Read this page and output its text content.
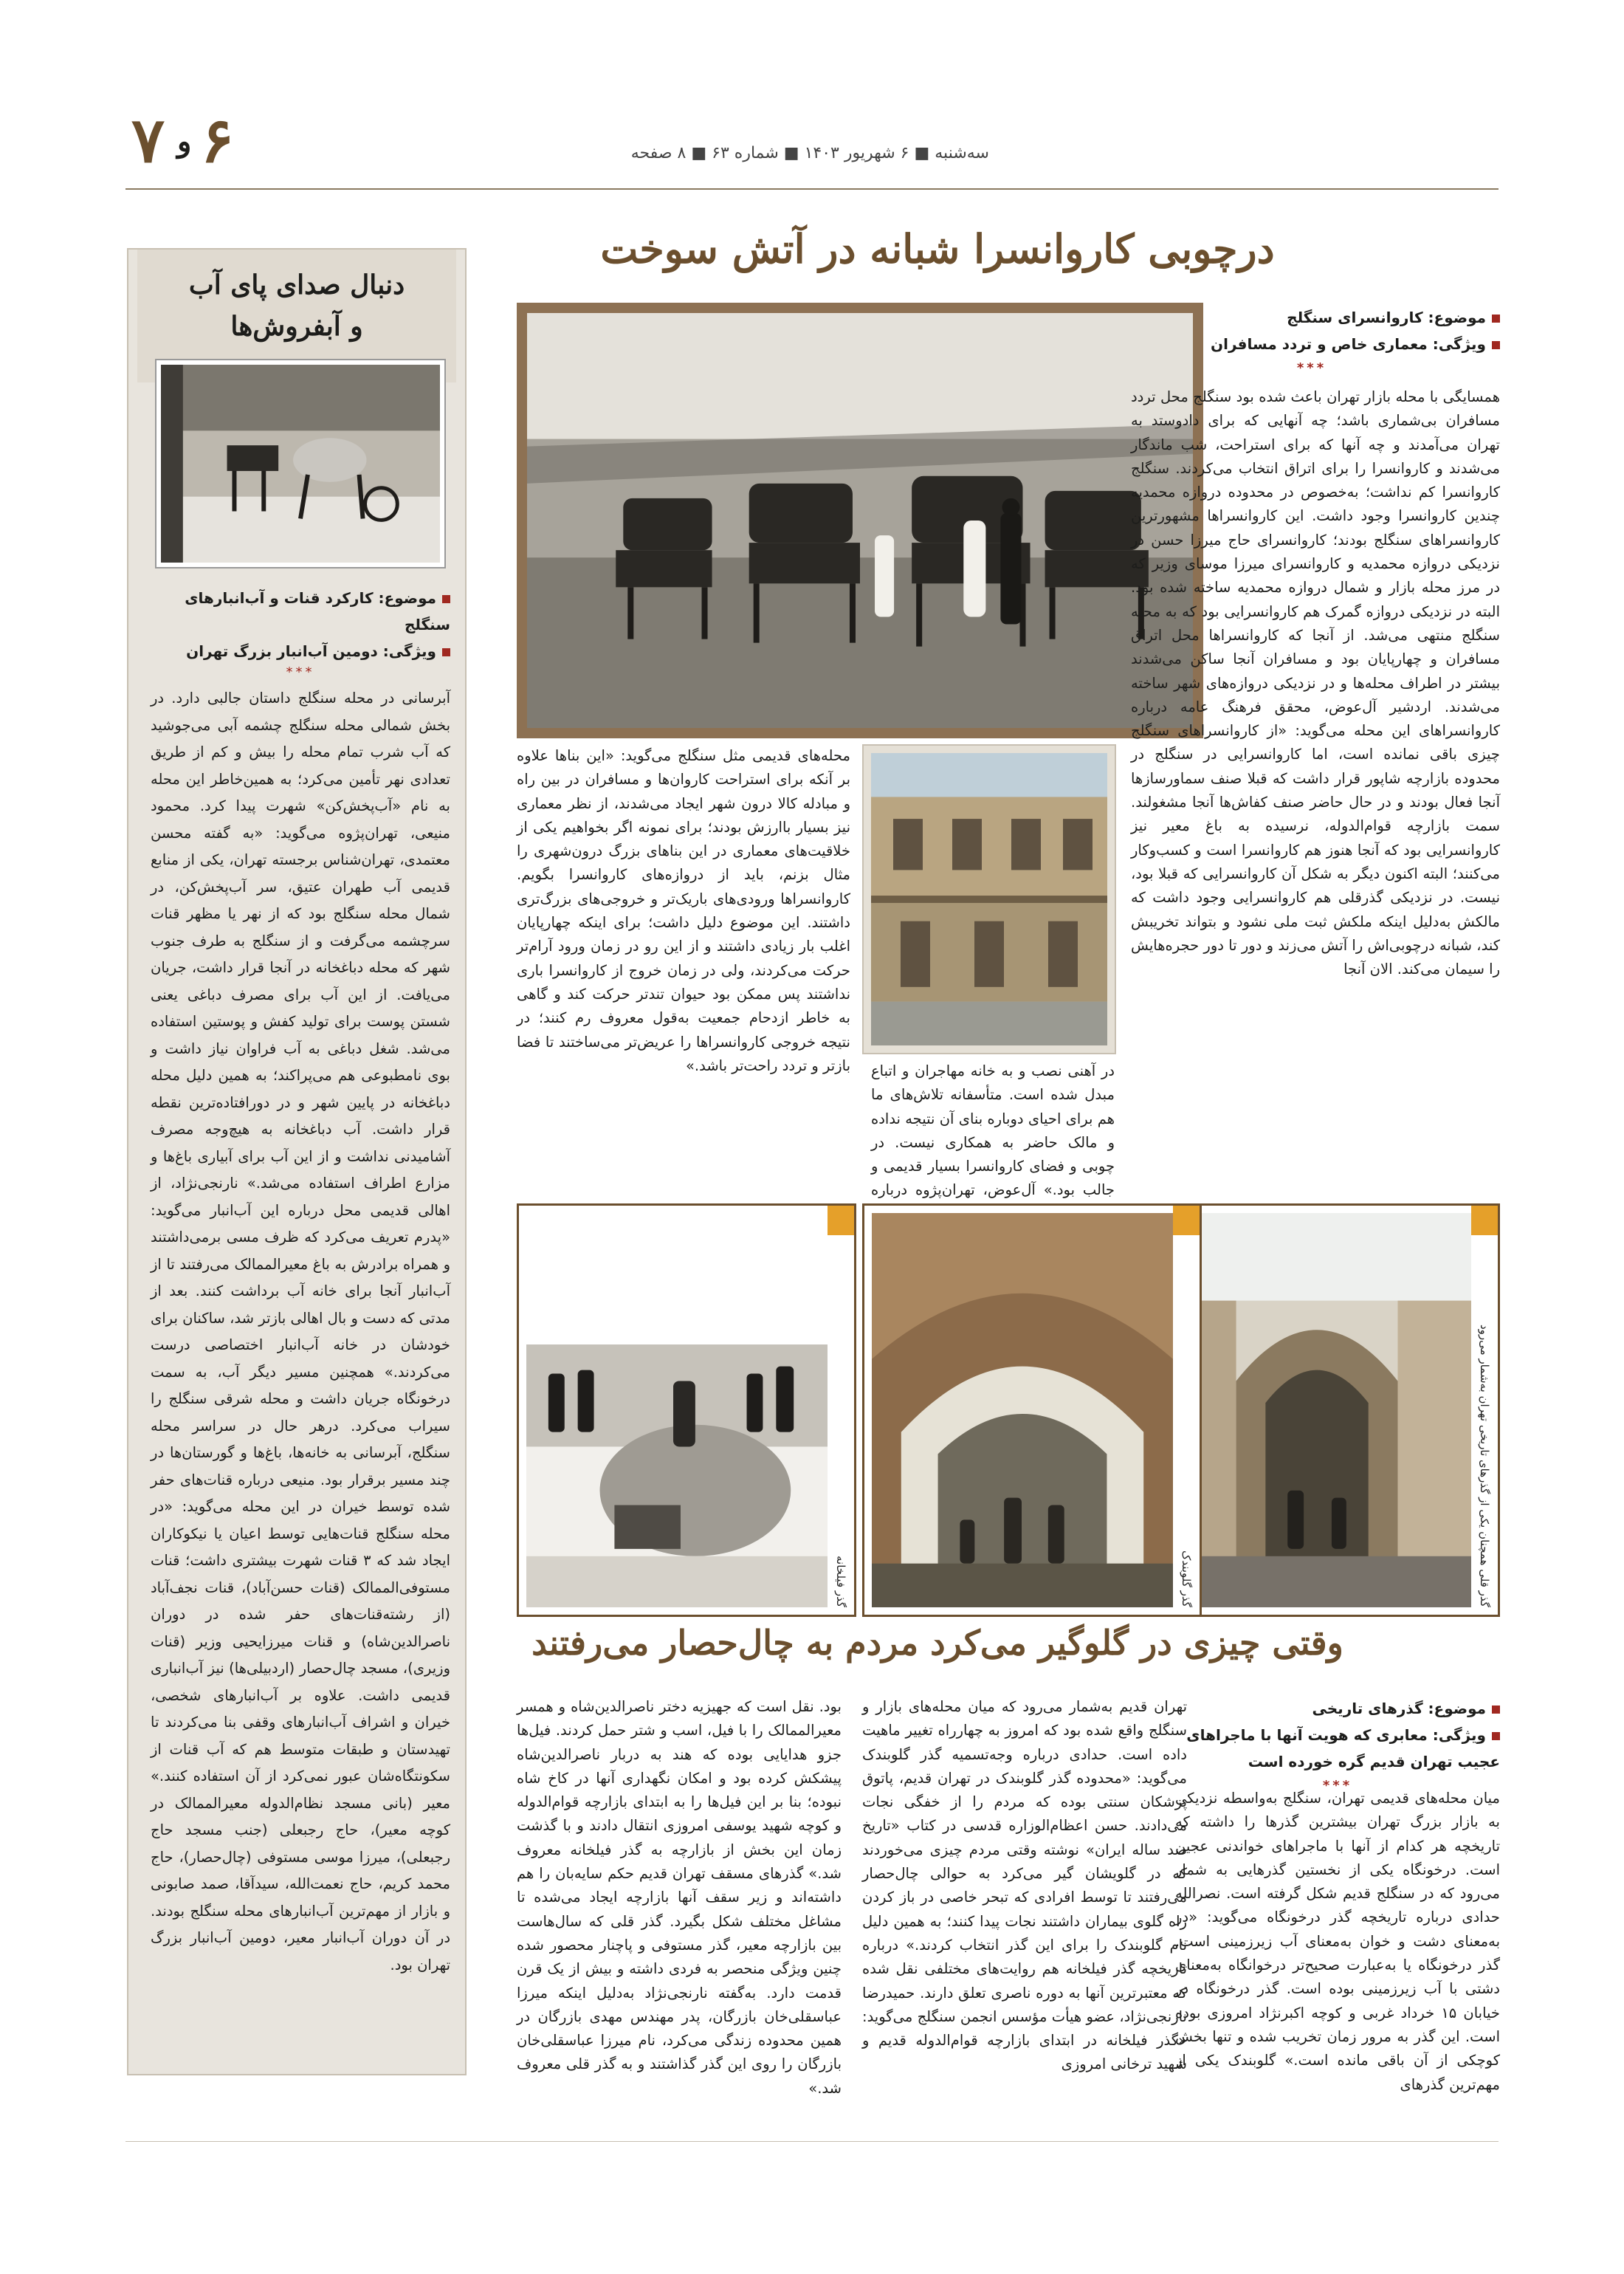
۷ و ۶	سه‌شنبه ■ ۶ شهریور ۱۴۰۳ ■ شماره ۶۳ ■ ۸ صفحه
درچوبی کاروانسرا شبانه در آتش سوخت
موضوع: کاروانسرای سنگلج
ویژگی: معماری خاص و تردد مسافران
***
همسایگی با محله بازار تهران باعث شده بود سنگلج محل تردد مسافران بی‌شماری باشد؛ چه آنهایی که برای دادوستد به تهران می‌آمدند و چه آنها که برای استراحت، شب ماندگار می‌شدند و کاروانسرا را برای اتراق انتخاب می‌کردند. سنگلج کاروانسرا کم نداشت؛ به‌خصوص در محدوده دروازه محمدیه چندین کاروانسرا وجود داشت. این کاروانسراها مشهورترین کاروانسراهای سنگلج بودند؛ کاروانسرای حاج میرزا حسن در نزدیکی دروازه محمدیه و کاروانسرای میرزا موسای وزیر که در مرز محله بازار و شمال دروازه محمدیه ساخته شده بود. البته در نزدیکی دروازه گمرک هم کاروانسرایی بود که به محله سنگلج منتهی می‌شد. از آنجا که کاروانسراها محل اتراق مسافران و چهارپایان بود و مسافران آنجا ساکن می‌شدند بیشتر در اطراف محله‌ها و در نزدیکی دروازه‌های شهر ساخته می‌شدند. اردشیر آل‌عوض، محقق فرهنگ عامه درباره کاروانسراهای این محله می‌گوید: «از کاروانسراهای سنگلج چیزی باقی نمانده است، اما کاروانسرایی در سنگلج در محدوده بازارچه شاپور قرار داشت که قبلا صنف سماورسازها آنجا فعال بودند و در حال حاضر صنف کفاش‌ها آنجا مشغولند. سمت بازارچه قوام‌الدوله، نرسیده به باغ معیر نیز کاروانسرایی بود که آنجا هنوز هم کاروانسرا است و کسب‌وکار می‌کنند؛ البته اکنون دیگر به شکل آن کاروانسرایی که قبلا بود، نیست. در نزدیکی گذرقلی هم کاروانسرایی وجود داشت که مالکش به‌دلیل اینکه ملکش ثبت ملی نشود و بتواند تخریبش کند، شبانه درچوبی‌اش را آتش می‌زند و دور تا دور حجره‌هایش را سیمان می‌کند. الان آنجا
در آهنی نصب و به خانه مهاجران و اتباع مبدل شده است. متأسفانه تلاش‌های ما هم برای احیای دوباره بنای آن نتیجه نداده و مالک حاضر به همکاری نیست. در چوبی و فضای کاروانسرا بسیار قدیمی و جالب بود.» آل‌عوض، تهران‌پژوه درباره
محله‌های قدیمی مثل سنگلج می‌گوید: «این بناها علاوه بر آنکه برای استراحت کاروان‌ها و مسافران در بین راه و مبادله کالا درون شهر ایجاد می‌شدند، از نظر معماری نیز بسیار باارزش بودند؛ برای نمونه اگر بخواهیم یکی از خلاقیت‌های معماری در این بناهای بزرگ درون‌شهری را مثال بزنم، باید از دروازه‌های کاروانسرا بگویم. کاروانسراها ورودی‌های باریک‌تر و خروجی‌های بزرگ‌تری داشتند. این موضوع دلیل داشت؛ برای اینکه چهارپایان اغلب بار زیادی داشتند و از این رو در زمان ورود آرام‌تر حرکت می‌کردند، ولی در زمان خروج از کاروانسرا باری نداشتند پس ممکن بود حیوان تندتر حرکت کند و گاهی به خاطر ازدحام جمعیت به‌قول معروف رم کنند؛ در نتیجه خروجی کاروانسراها را عریض‌تر می‌ساختند تا فضا بازتر و تردد راحت‌تر باشد.»
دنبال صدای پای آب
و آبفروش‌ها
موضوع: کارکرد قنات و آب‌انبارهای سنگلج
ویژگی: دومین آب‌انبار بزرگ تهران
***
آبرسانی در محله سنگلج داستان جالبی دارد. در بخش شمالی محله سنگلج چشمه آبی می‌جوشید که آب شرب تمام محله را بیش و کم از طریق تعدادی نهر تأمین می‌کرد؛ به همین‌خاطر این محله به نام «آب‌پخش‌کن» شهرت پیدا کرد. محمود منیعی، تهران‌پژوه می‌گوید: «به گفته محسن معتمدی، تهران‌شناس برجسته تهران، یکی از منابع قدیمی آب طهران عتیق، سر آب‌پخش‌کن، در شمال محله سنگلج بود که از نهر یا مظهر قنات سرچشمه می‌گرفت و از سنگلج به طرف جنوب شهر که محله دباغخانه در آنجا قرار داشت، جریان می‌یافت. از این آب برای مصرف دباغی یعنی شستن پوست برای تولید کفش و پوستین استفاده می‌شد. شغل دباغی به آب فراوان نیاز داشت و بوی نامطبوعی هم می‌پراکند؛ به همین دلیل محله دباغخانه در پایین شهر و در دورافتاده‌ترین نقطه قرار داشت. آب دباغخانه به هیچ‌وجه مصرف آشامیدنی نداشت و از این آب برای آبیاری باغ‌ها و مزارع اطراف استفاده می‌شد.» نارنجی‌نژاد، از اهالی قدیمی محل درباره این آب‌انبار می‌گوید: «پدرم تعریف می‌کرد که ظرف مسی برمی‌داشتند و همراه برادرش به باغ معیرالممالک می‌رفتند تا از آب‌انبار آنجا برای خانه آب برداشت کنند. بعد از مدتی که دست و بال اهالی بازتر شد، ساکنان برای خودشان در خانه آب‌انبار اختصاصی درست می‌کردند.» همچنین مسیر دیگر آب، به سمت درخونگاه جریان داشت و محله شرقی سنگلج را سیراب می‌کرد. درهر حال در سراسر محله سنگلج، آبرسانی به خانه‌ها، باغ‌ها و گورستان‌ها در چند مسیر برقرار بود. منیعی درباره قنات‌های حفر شده توسط خیران در این محله می‌گوید: «در محله سنگلج قنات‌هایی توسط اعیان یا نیکوکاران ایجاد شد که ۳ قنات شهرت بیشتری داشت؛ قنات مستوفی‌الممالک (قنات حسن‌آباد)، قنات نجف‌آباد (از رشته‌قنات‌های حفر شده در دوران ناصرالدین‌شاه) و قنات میرزایحیی وزیر (قنات وزیری)، مسجد چال‌حصار (اردبیلی‌ها) نیز آب‌انباری قدیمی داشت. علاوه بر آب‌انبارهای شخصی، خیران و اشراف آب‌انبارهای وقفی بنا می‌کردند تا تهیدستان و طبقات متوسط هم که آب قنات از سکونتگاه‌شان عبور نمی‌کرد از آن استفاده کنند.» معیر (بانی مسجد نظام‌الدوله معیرالممالک در کوچه معیر)، حاج رجبعلی (جنب مسجد حاج رجبعلی)، میرزا موسی مستوفی (چال‌حصار)، حاج محمد کریم، حاج نعمت‌الله، سیدآقا، صمد صابونی و بازار از مهم‌ترین آب‌انبارهای محله سنگلج بودند. در آن دوران آب‌انبار معیر، دومین آب‌انبار بزرگ تهران بود.
گذر قلی همچنان یکی از گذرهای تاریخی تهران به‌شمار می‌رود
گذر گلوبندک
گذر فیلخانه
وقتی چیزی در گلوگیر می‌کرد مردم به چال‌حصار می‌رفتند
موضوع: گذرهای تاریخی
ویژگی: معابری که هویت آنها با ماجراهای عجیب تهران قدیم گره خورده است
***
میان محله‌های قدیمی تهران، سنگلج به‌واسطه نزدیکی به بازار بزرگ تهران بیشترین گذرها را داشته که تاریخچه هر کدام از آنها با ماجراهای خواندنی عجین است. درخونگاه یکی از نخستین گذرهایی به شمار می‌رود که در سنگلج قدیم شکل گرفته است. نصرالله حدادی درباره تاریخچه گذر درخونگاه می‌گوید: «در به‌معنای دشت و خوان به‌معنای آب زیرزمینی است. گذر درخونگاه یا به‌عبارت صحیح‌تر درخوانگاه به‌معنای دشتی با آب زیرزمینی بوده است. گذر درخونگاه در خیابان ۱۵ خرداد غربی و کوچه اکبرنژاد امروزی بوده است. این گذر به مرور زمان تخریب شده و تنها بخش کوچکی از آن باقی مانده است.» گلوبندک یکی از مهم‌ترین گذرهای
تهران قدیم به‌شمار می‌رود که میان محله‌های بازار و سنگلج واقع شده بود که امروز به چهارراه تغییر ماهیت داده است. حدادی درباره وجه‌تسمیه گذر گلوبندک می‌گوید: «محدوده گذر گلوبندک در تهران قدیم، پاتوق پزشکان سنتی بوده که مردم را از خفگی نجات می‌دادند. حسن اعظام‌الوزاره قدسی در کتاب «تاریخ صد ساله ایران» نوشته وقتی مردم چیزی می‌خوردند که در گلویشان گیر می‌کرد به حوالی چال‌حصار می‌رفتند تا توسط افرادی که تبحر خاصی در باز کردن راه گلوی بیماران داشتند نجات پیدا کنند؛ به همین دلیل نام گلوبندک را برای این گذر انتخاب کردند.» درباره تاریخچه گذر فیلخانه هم روایت‌های مختلفی نقل شده که معتبرترین آنها به دوره ناصری تعلق دارند. حمیدرضا نارنجی‌نژاد، عضو هیأت مؤسس انجمن سنگلج می‌گوید: «گذر فیلخانه در ابتدای بازارچه قوام‌الدوله قدیم و شهید ترخانی امروزی
بود. نقل است که جهیزیه دختر ناصرالدین‌شاه و همسر معیرالممالک را با فیل، اسب و شتر حمل کردند. فیل‌ها جزو هدایایی بوده که هند به دربار ناصرالدین‌شاه پیشکش کرده بود و امکان نگهداری آنها در کاخ شاه نبوده؛ بنا بر این فیل‌ها را به ابتدای بازارچه قوام‌الدوله و کوچه شهید یوسفی امروزی انتقال دادند و با گذشت زمان این بخش از بازارچه به گذر فیلخانه معروف شد.» گذرهای مسقف تهران قدیم حکم سایه‌بان را هم داشته‌اند و زیر سقف آنها بازارچه ایجاد می‌شده تا مشاغل مختلف شکل بگیرد. گذر قلی که سال‌هاست بین بازارچه معیر، گذر مستوفی و پاچنار محصور شده چنین ویژگی منحصر به فردی داشته و بیش از یک قرن قدمت دارد. به‌گفته نارنجی‌نژاد به‌دلیل اینکه میرزا عباسقلی‌خان بازرگان، پدر مهندس مهدی بازرگان در همین محدوده زندگی می‌کرد، نام میرزا عباسقلی‌خان بازرگان را روی این گذر گذاشتند و به گذر قلی معروف شد.»
